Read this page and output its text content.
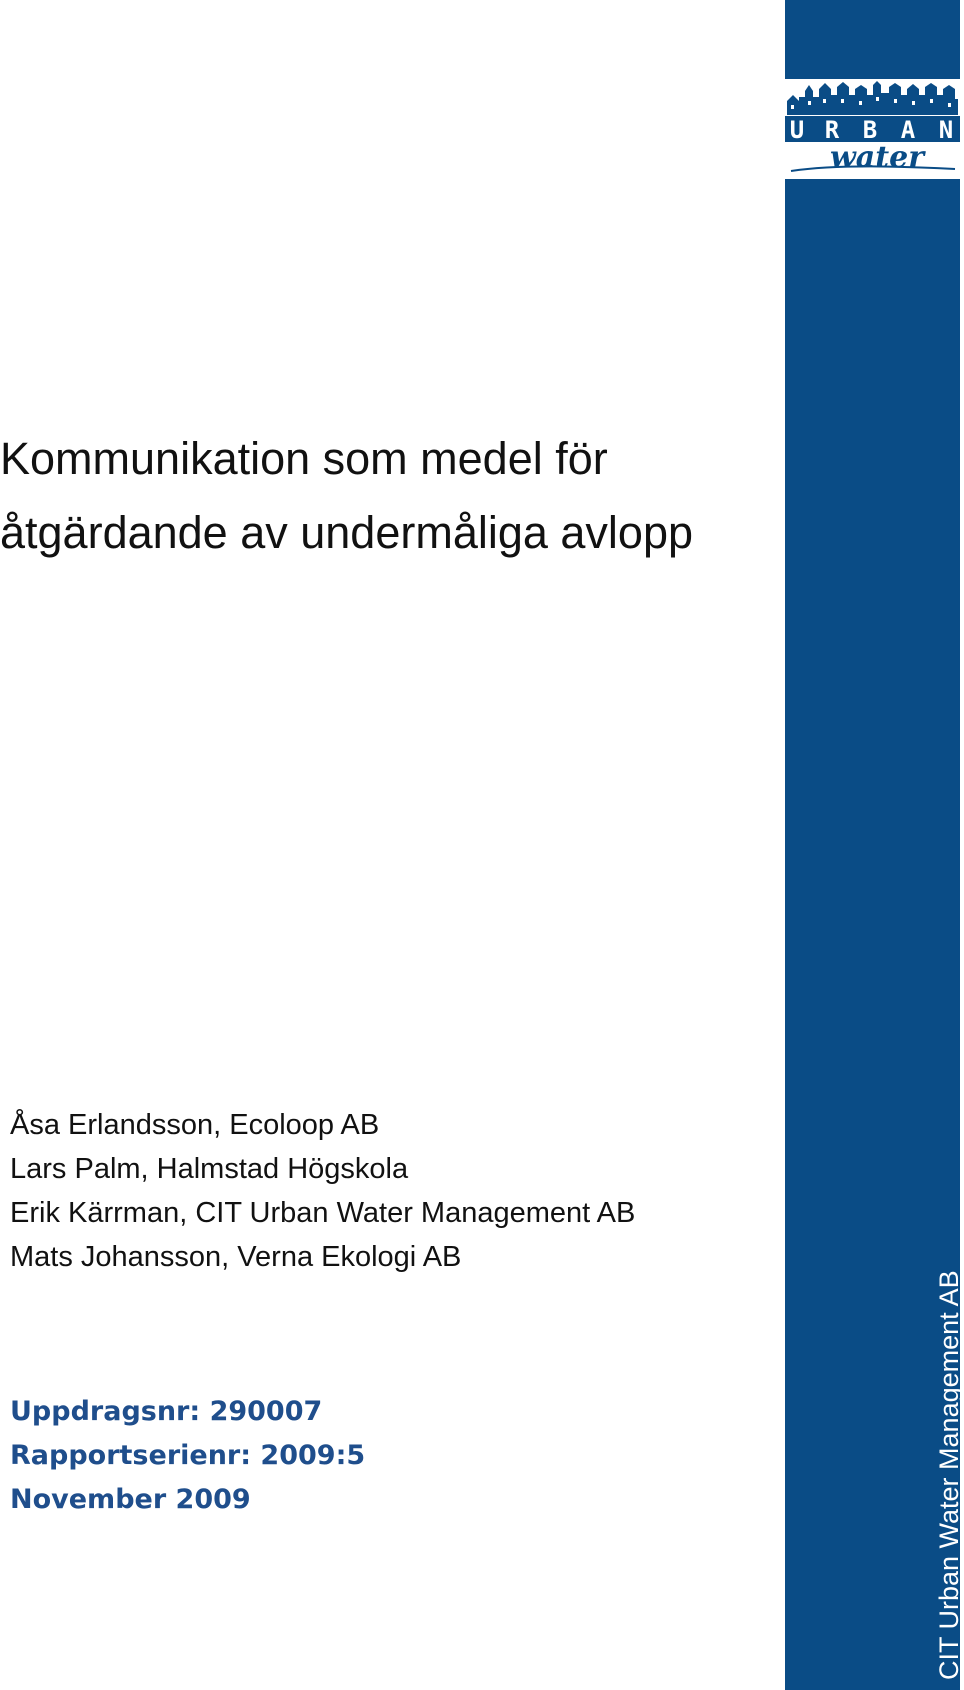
Kommunikation som medel för
åtgärdande av undermåliga avlopp
Åsa Erlandsson, Ecoloop AB
Lars Palm, Halmstad Högskola
Erik Kärrman, CIT Urban Water Management AB
Mats Johansson, Verna Ekologi AB
Uppdragsnr: 290007
Rapportserienr: 2009:5
November 2009
U R B A N
water
CIT Urban Water Management AB
